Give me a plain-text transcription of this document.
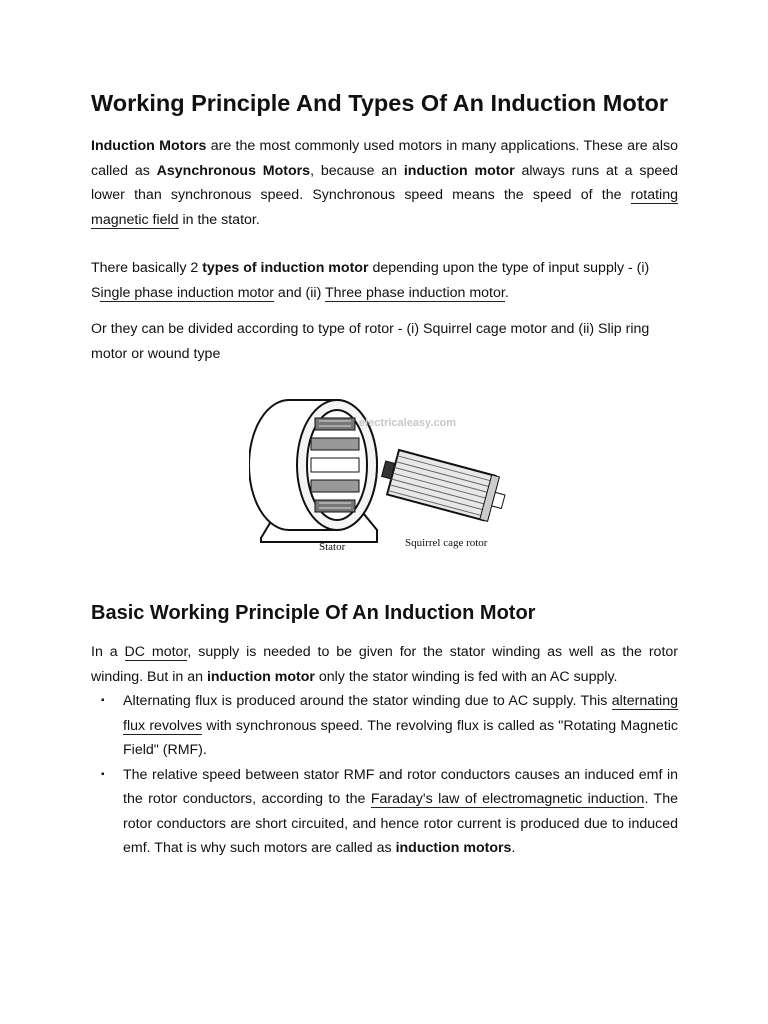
Working Principle And Types Of An Induction Motor

Induction Motors are the most commonly used motors in many applications. These are also called as Asynchronous Motors, because an induction motor always runs at a speed lower than synchronous speed. Synchronous speed means the speed of the rotating magnetic field in the stator.

There basically 2 types of induction motor depending upon the type of input supply - (i) Single phase induction motor and (ii) Three phase induction motor.

Or they can be divided according to type of rotor - (i) Squirrel cage motor and (ii) Slip ring motor or wound type

electricaleasy.com
Stator	Squirrel cage rotor
Basic Working Principle Of An Induction Motor

In a DC motor, supply is needed to be given for the stator winding as well as the rotor winding. But in an induction motor only the stator winding is fed with an AC supply.

▪ Alternating flux is produced around the stator winding due to AC supply. This alternating flux revolves with synchronous speed. The revolving flux is called as "Rotating Magnetic Field" (RMF).
▪ The relative speed between stator RMF and rotor conductors causes an induced emf in the rotor conductors, according to the Faraday's law of electromagnetic induction. The rotor conductors are short circuited, and hence rotor current is produced due to induced emf. That is why such motors are called as induction motors.
